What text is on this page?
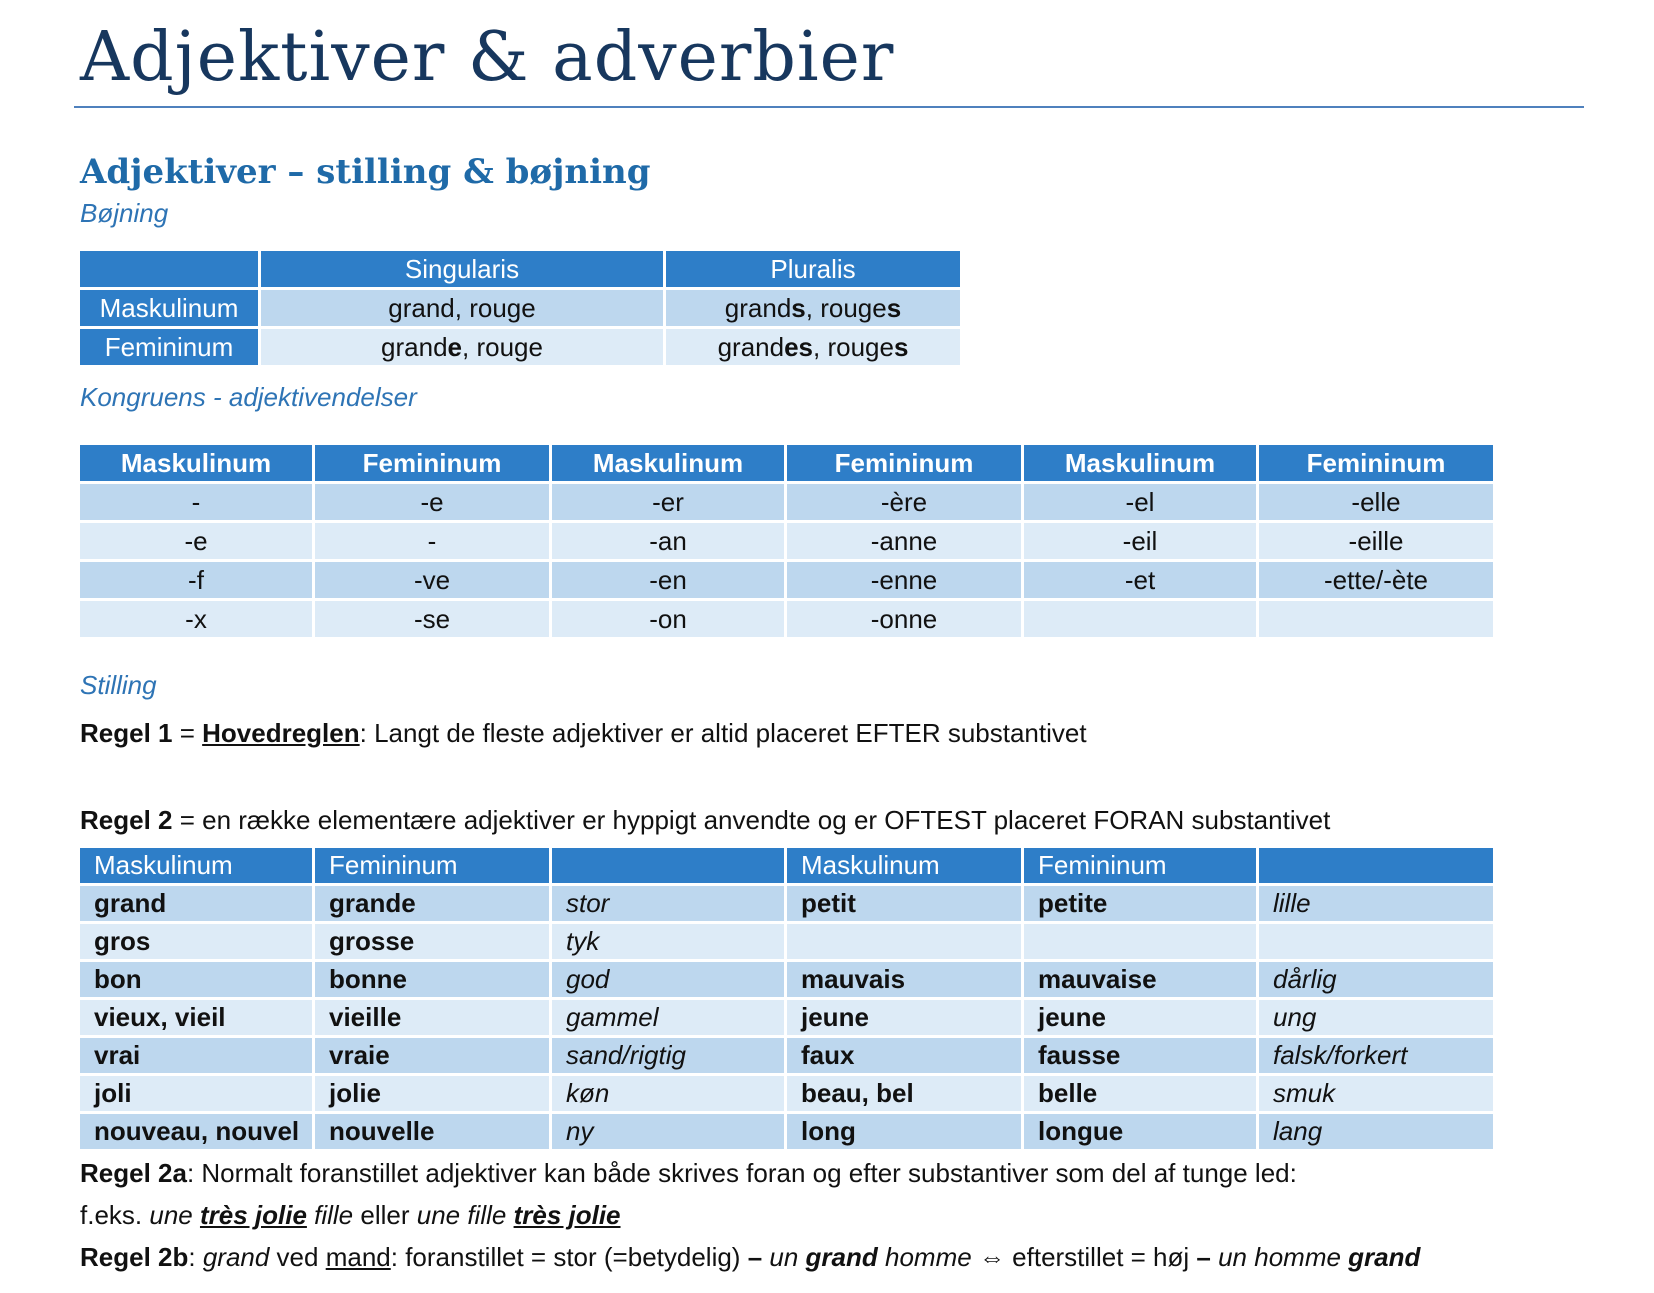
Adjektiver & adverbier
Adjektiver – stilling & bøjning
Bøjning
	Singularis	Pluralis
Maskulinum	grand, rouge	grands, rouges
Femininum	grande, rouge	grandes, rouges
Kongruens - adjektivendelser
Maskulinum	Femininum	Maskulinum	Femininum	Maskulinum	Femininum
-	-e	-er	-ère	-el	-elle
-e	-	-an	-anne	-eil	-eille
-f	-ve	-en	-enne	-et	-ette/-ète
-x	-se	-on	-onne		
Stilling
Regel 1 = Hovedreglen: Langt de fleste adjektiver er altid placeret EFTER substantivet
Regel 2 = en række elementære adjektiver er hyppigt anvendte og er OFTEST placeret FORAN substantivet
Maskulinum	Femininum		Maskulinum	Femininum	
grand	grande	stor	petit	petite	lille
gros	grosse	tyk			
bon	bonne	god	mauvais	mauvaise	dårlig
vieux, vieil	vieille	gammel	jeune	jeune	ung
vrai	vraie	sand/rigtig	faux	fausse	falsk/forkert
joli	jolie	køn	beau, bel	belle	smuk
nouveau, nouvel	nouvelle	ny	long	longue	lang
Regel 2a: Normalt foranstillet adjektiver kan både skrives foran og efter substantiver som del af tunge led:
f.eks. une très jolie fille eller une fille très jolie
Regel 2b: grand ved mand: foranstillet = stor (=betydelig) – un grand homme ⇔ efterstillet = høj – un homme grand
